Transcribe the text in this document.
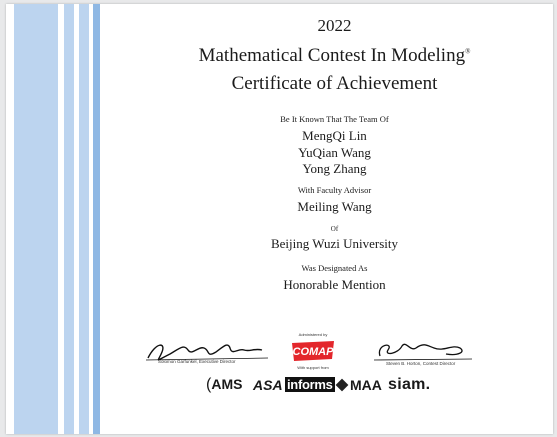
2022
Mathematical Contest In Modeling®
Certificate of Achievement
Be It Known That The Team Of
MengQi Lin
YuQian Wang
Yong Zhang
With Faculty Advisor
Meiling Wang
Of
Beijing Wuzi University
Was Designated As
Honorable Mention
Solomon Garfunkel, Executive Director
Administered by
COMAP
With support from
Steven B. Horton, Contest Director
(AMS ASA informs	MAA siam.
